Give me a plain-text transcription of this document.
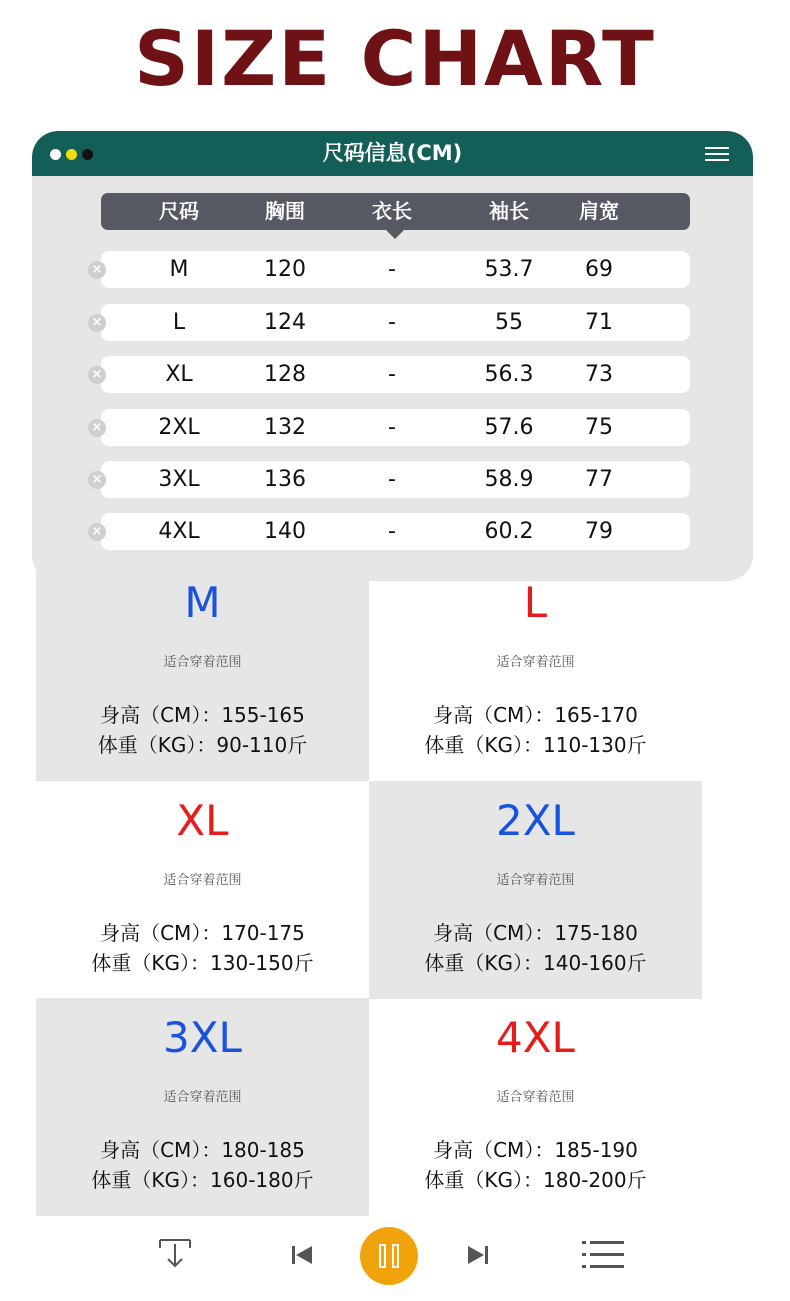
SIZE CHART
尺码信息(CM)
尺码	胸围	衣长	袖长	肩宽
×	M	120	-	53.7	69
×	L	124	-	55	71
×	XL	128	-	56.3	73
×	2XL	132	-	57.6	75
×	3XL	136	-	58.9	77
×	4XL	140	-	60.2	79
M
适合穿着范围
身高（CM）：155-165
体重（KG）：90-110斤
L
适合穿着范围
身高（CM）：165-170
体重（KG）：110-130斤
XL
适合穿着范围
身高（CM）：170-175
体重（KG）：130-150斤
2XL
适合穿着范围
身高（CM）：175-180
体重（KG）：140-160斤
3XL
适合穿着范围
身高（CM）：180-185
体重（KG）：160-180斤
4XL
适合穿着范围
身高（CM）：185-190
体重（KG）：180-200斤
